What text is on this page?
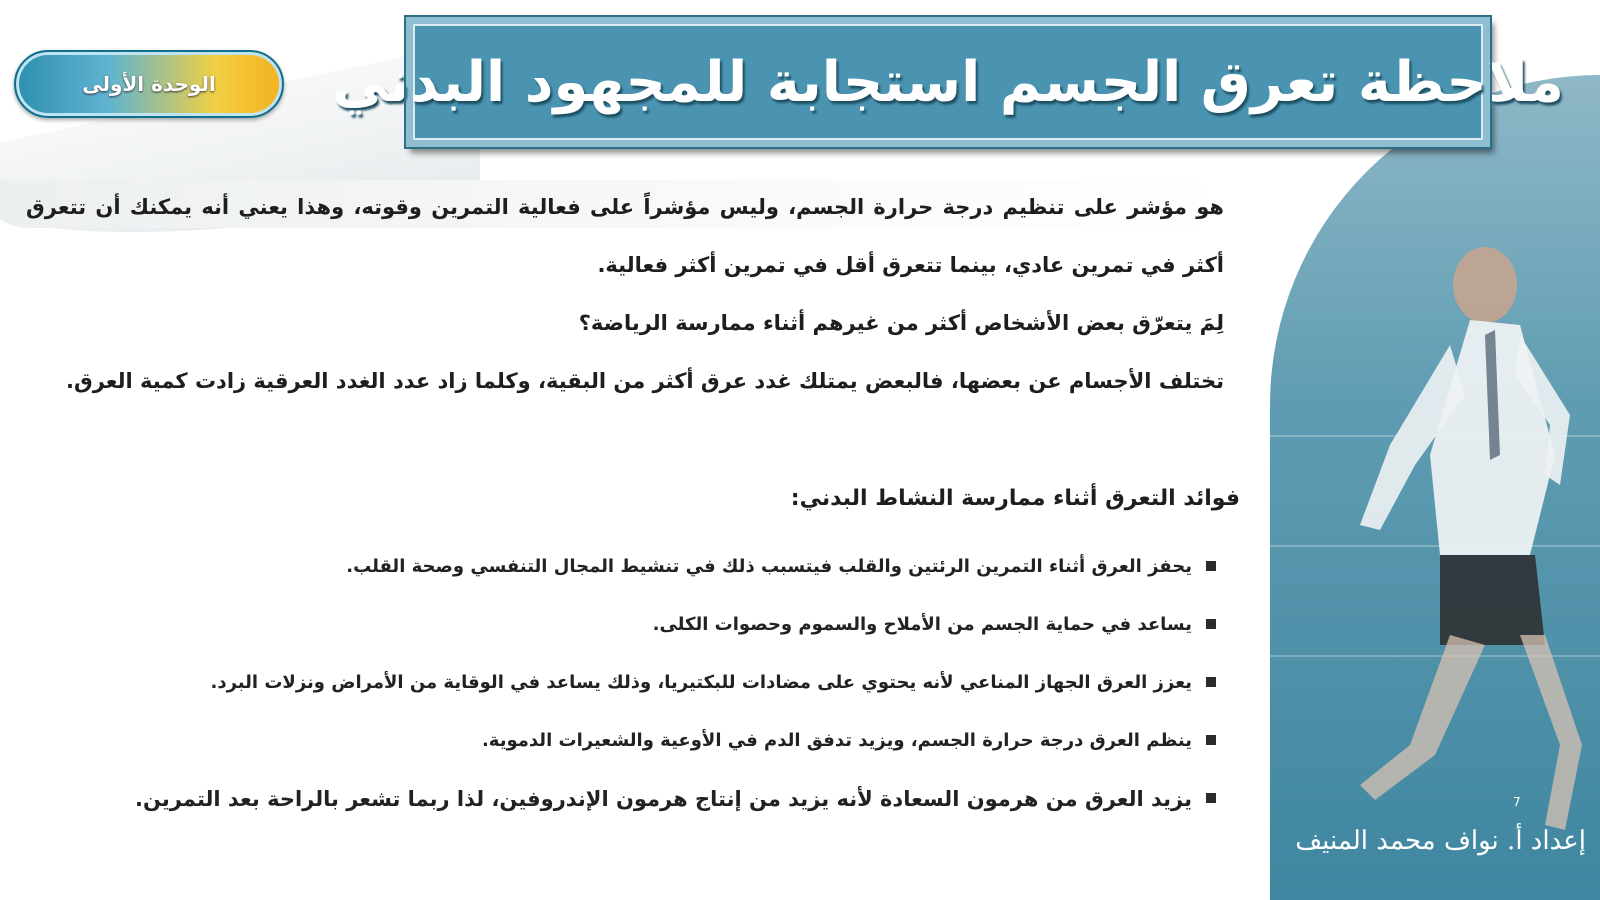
الوحدة الأولى ملاحظة تعرق الجسم استجابة للمجهود البدني

هو مؤشر على تنظيم درجة حرارة الجسم، وليس مؤشراً على فعالية التمرين وقوته، وهذا يعني أنه يمكنك أن تتعرق أكثر في تمرين عادي، بينما تتعرق أقل في تمرين أكثر فعالية.

لِمَ يتعرّق بعض الأشخاص أكثر من غيرهم أثناء ممارسة الرياضة؟

تختلف الأجسام عن بعضها، فالبعض يمتلك غدد عرق أكثر من البقية، وكلما زاد عدد الغدد العرقية زادت كمية العرق.

فوائد التعرق أثناء ممارسة النشاط البدني:

يحفز العرق أثناء التمرين الرئتين والقلب فيتسبب ذلك في تنشيط المجال التنفسي وصحة القلب.
يساعد في حماية الجسم من الأملاح والسموم وحصوات الكلى.
يعزز العرق الجهاز المناعي لأنه يحتوي على مضادات للبكتيريا، وذلك يساعد في الوقاية من الأمراض ونزلات البرد.
ينظم العرق درجة حرارة الجسم، ويزيد تدفق الدم في الأوعية والشعيرات الدموية.
يزيد العرق من هرمون السعادة لأنه يزيد من إنتاج هرمون الإندروفين، لذا ربما تشعر بالراحة بعد التمرين.	7
إعداد أ. نواف محمد المنيف
